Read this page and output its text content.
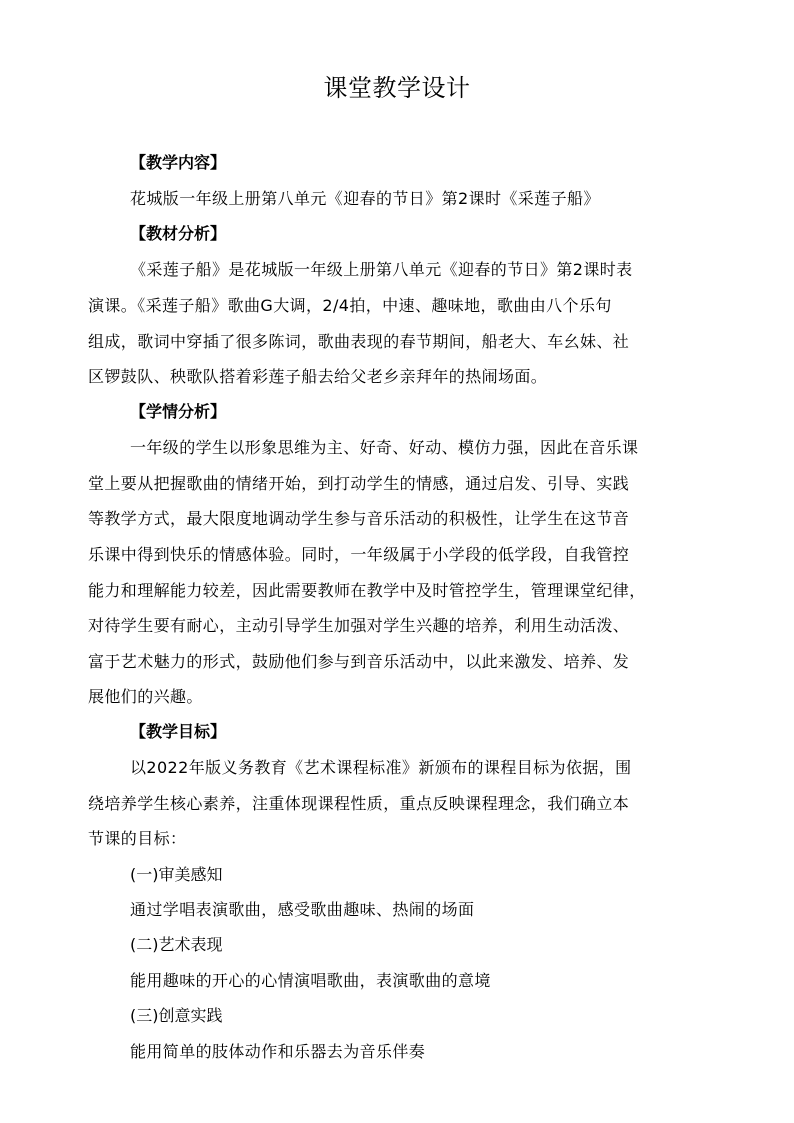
课堂教学设计
【教学内容】
花城版一年级上册第八单元《迎春的节日》第2课时《采莲子船》
【教材分析】
《采莲子船》是花城版一年级上册第八单元《迎春的节日》第2课时表
演课。《采莲子船》歌曲G大调，2/4拍，中速、趣味地，歌曲由八个乐句
组成，歌词中穿插了很多陈词，歌曲表现的春节期间，船老大、车幺妹、社
区锣鼓队、秧歌队搭着彩莲子船去给父老乡亲拜年的热闹场面。
【学情分析】
一年级的学生以形象思维为主、好奇、好动、模仿力强，因此在音乐课
堂上要从把握歌曲的情绪开始，到打动学生的情感，通过启发、引导、实践
等教学方式，最大限度地调动学生参与音乐活动的积极性，让学生在这节音
乐课中得到快乐的情感体验。同时，一年级属于小学段的低学段，自我管控
能力和理解能力较差，因此需要教师在教学中及时管控学生，管理课堂纪律，
对待学生要有耐心，主动引导学生加强对学生兴趣的培养，利用生动活泼、
富于艺术魅力的形式，鼓励他们参与到音乐活动中，以此来激发、培养、发
展他们的兴趣。
【教学目标】
以2022年版义务教育《艺术课程标准》新颁布的课程目标为依据，围
绕培养学生核心素养，注重体现课程性质，重点反映课程理念，我们确立本
节课的目标：
(一)审美感知
通过学唱表演歌曲，感受歌曲趣味、热闹的场面
(二)艺术表现
能用趣味的开心的心情演唱歌曲，表演歌曲的意境
(三)创意实践
能用简单的肢体动作和乐器去为音乐伴奏
